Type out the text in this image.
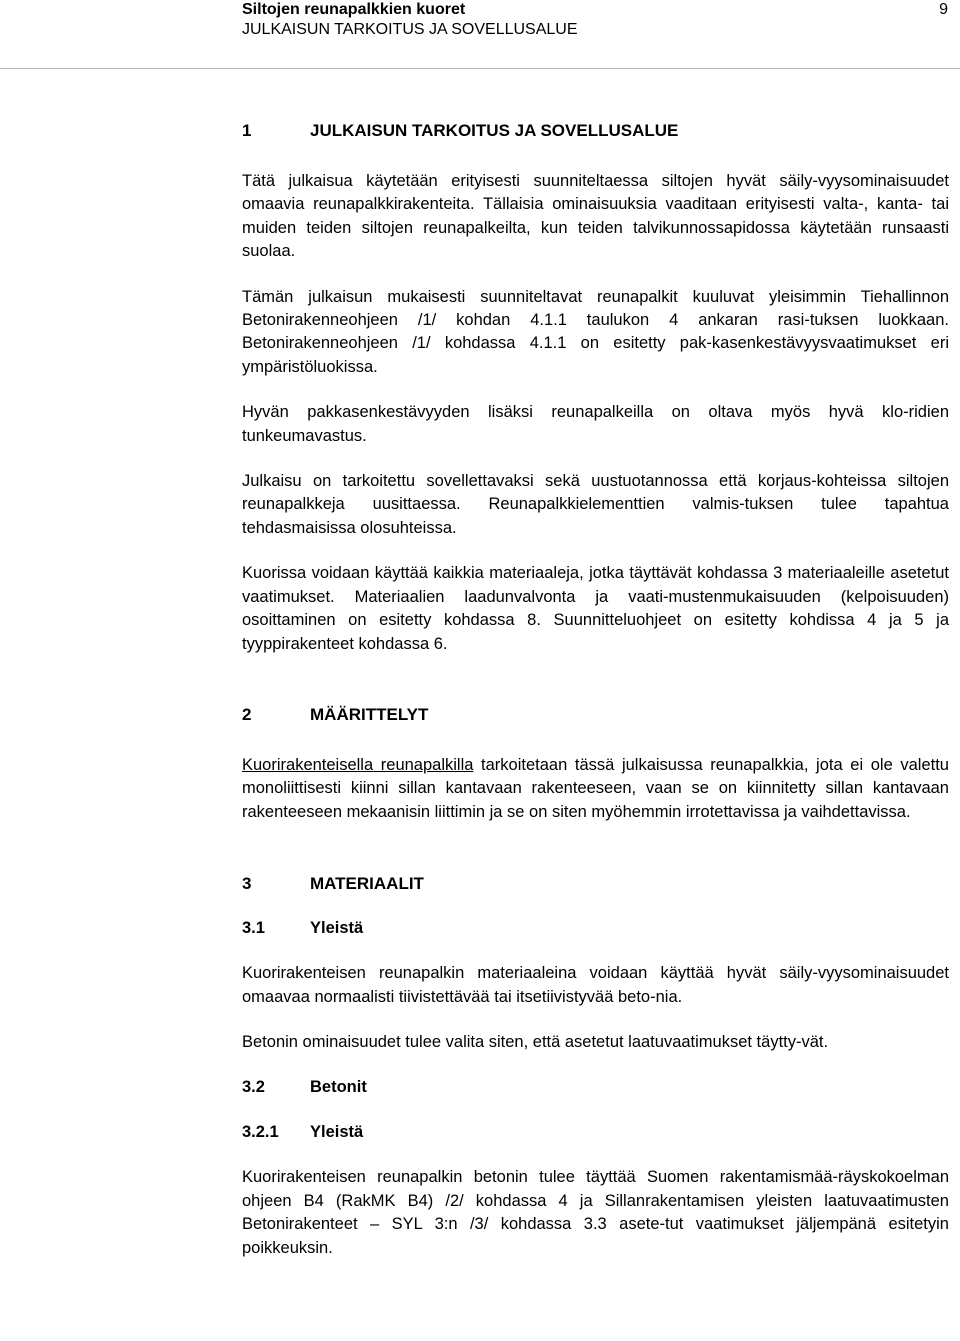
Siltojen reunapalkkien kuoret
JULKAISUN TARKOITUS JA SOVELLUSALUE
9
1	JULKAISUN TARKOITUS JA SOVELLUSALUE

Tätä julkaisua käytetään erityisesti suunniteltaessa siltojen hyvät säily-vyysominaisuudet omaavia reunapalkkirakenteita. Tällaisia ominaisuuksia vaaditaan erityisesti valta-, kanta- tai muiden teiden siltojen reunapalkeilta, kun teiden talvikunnossapidossa käytetään runsaasti suolaa.

Tämän julkaisun mukaisesti suunniteltavat reunapalkit kuuluvat yleisimmin Tiehallinnon Betonirakenneohjeen /1/ kohdan 4.1.1 taulukon 4 ankaran rasi-tuksen luokkaan. Betonirakenneohjeen /1/ kohdassa 4.1.1 on esitetty pak-kasenkestävyysvaatimukset eri ympäristöluokissa.

Hyvän pakkasenkestävyyden lisäksi reunapalkeilla on oltava myös hyvä klo-ridien tunkeumavastus.

Julkaisu on tarkoitettu sovellettavaksi sekä uustuotannossa että korjaus-kohteissa siltojen reunapalkkeja uusittaessa. Reunapalkkielementtien valmis-tuksen tulee tapahtua tehdasmaisissa olosuhteissa.

Kuorissa voidaan käyttää kaikkia materiaaleja, jotka täyttävät kohdassa 3 materiaaleille asetetut vaatimukset. Materiaalien laadunvalvonta ja vaati-mustenmukaisuuden (kelpoisuuden) osoittaminen on esitetty kohdassa 8. Suunnitteluohjeet on esitetty kohdissa 4 ja 5 ja tyyppirakenteet kohdassa 6.

2	MÄÄRITTELYT

Kuorirakenteisella reunapalkilla tarkoitetaan tässä julkaisussa reunapalkkia, jota ei ole valettu monoliittisesti kiinni sillan kantavaan rakenteeseen, vaan se on kiinnitetty sillan kantavaan rakenteeseen mekaanisin liittimin ja se on siten myöhemmin irrotettavissa ja vaihdettavissa.

3	MATERIAALIT
3.1	Yleistä

Kuorirakenteisen reunapalkin materiaaleina voidaan käyttää hyvät säily-vyysominaisuudet omaavaa normaalisti tiivistettävää tai itsetiivistyvää beto-nia.

Betonin ominaisuudet tulee valita siten, että asetetut laatuvaatimukset täytty-vät.

3.2	Betonit
3.2.1	Yleistä

Kuorirakenteisen reunapalkin betonin tulee täyttää Suomen rakentamismää-räyskokoelman ohjeen B4 (RakMK B4) /2/ kohdassa 4 ja Sillanrakentamisen yleisten laatuvaatimusten Betonirakenteet – SYL 3:n /3/ kohdassa 3.3 asete-tut vaatimukset jäljempänä esitetyin poikkeuksin.
